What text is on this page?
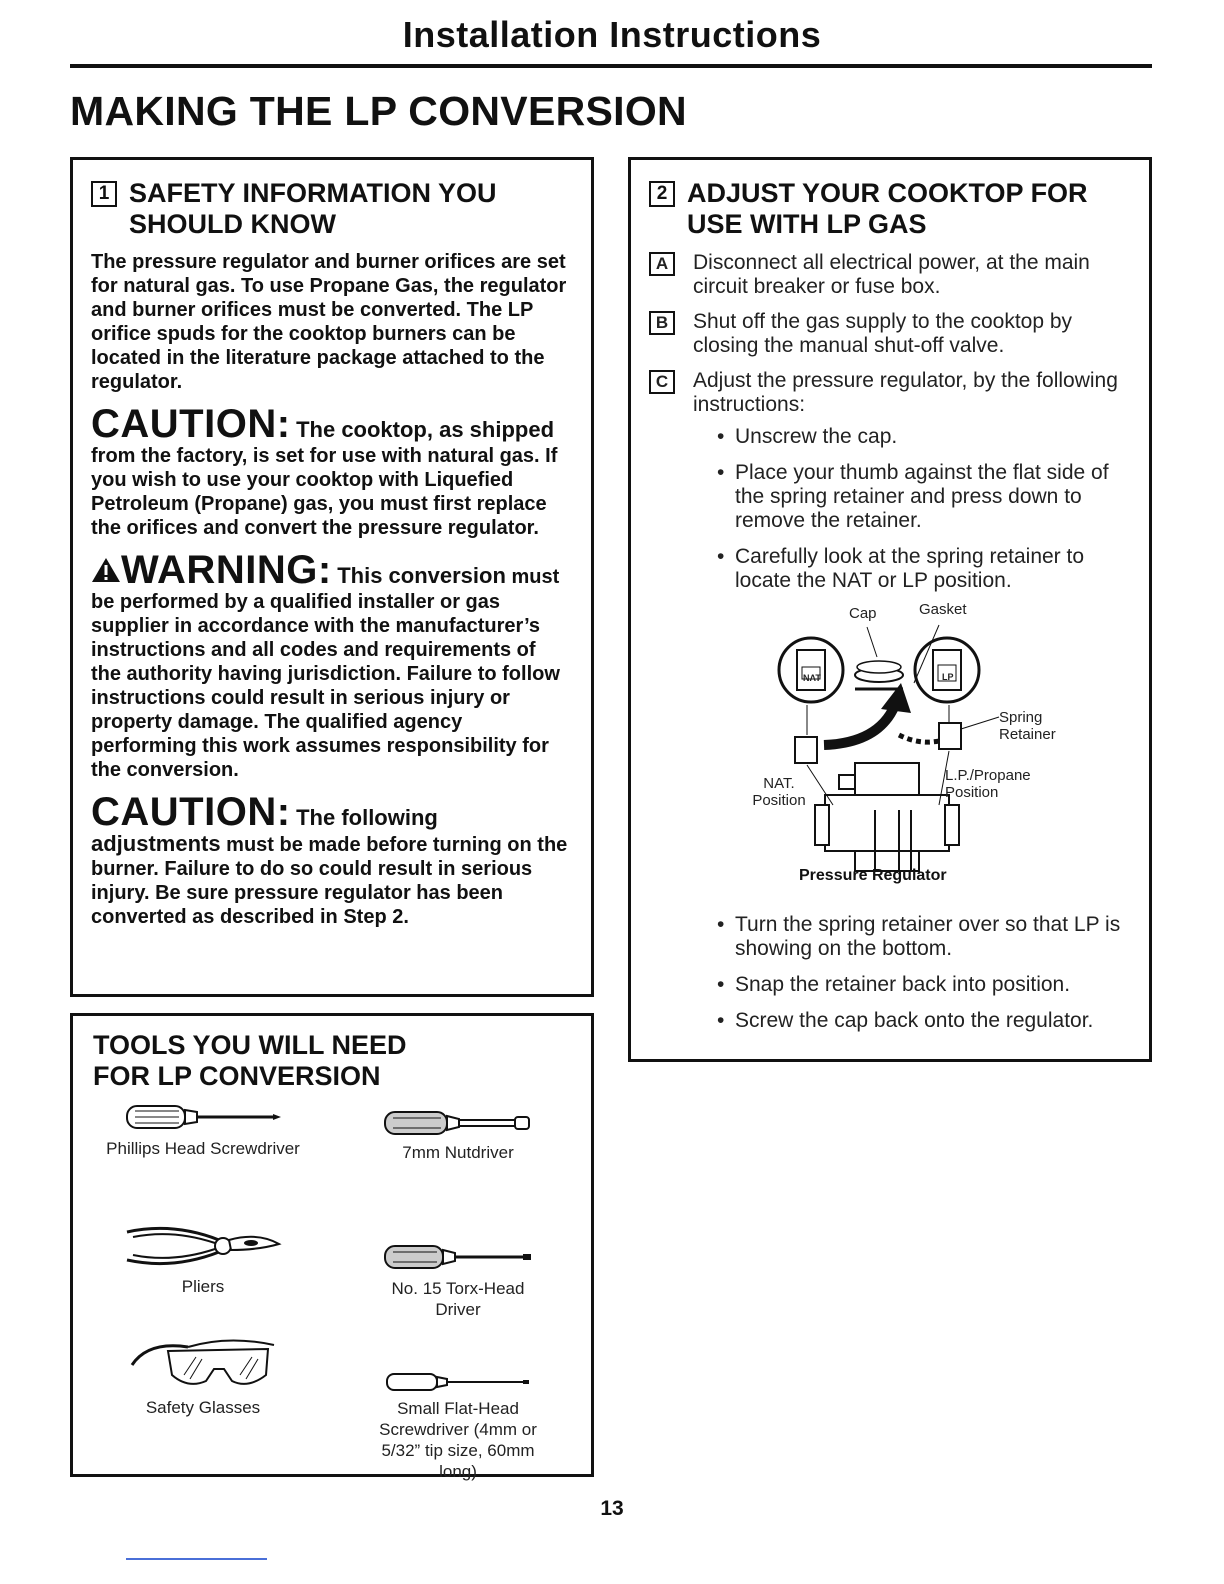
Installation Instructions
MAKING THE LP CONVERSION
1 SAFETY INFORMATION YOU SHOULD KNOW
The pressure regulator and burner orifices are set for natural gas. To use Propane Gas, the regulator and burner orifices must be converted. The LP orifice spuds for the cooktop burners can be located in the literature package attached to the regulator.
CAUTION: The cooktop, as shipped from the factory, is set for use with natural gas. If you wish to use your cooktop with Liquefied Petroleum (Propane) gas, you must first replace the orifices and convert the pressure regulator.
WARNING: This conversion must be performed by a qualified installer or gas supplier in accordance with the manufacturer’s instructions and all codes and requirements of the authority having jurisdiction. Failure to follow instructions could result in serious injury or property damage. The qualified agency performing this work assumes responsibility for the conversion.
CAUTION: The following adjustments must be made before turning on the burner. Failure to do so could result in serious injury. Be sure pressure regulator has been converted as described in Step 2.
TOOLS YOU WILL NEED
FOR LP CONVERSION
Phillips Head Screwdriver	7mm Nutdriver
Pliers	No. 15 Torx-Head Driver
Safety Glasses	Small Flat-Head Screwdriver (4mm or 5/32” tip size, 60mm long)
2 ADJUST YOUR COOKTOP FOR USE WITH LP GAS
A	Disconnect all electrical power, at the main circuit breaker or fuse box.
B	Shut off the gas supply to the cooktop by closing the manual shut-off valve.
C	Adjust the pressure regulator, by the following instructions:
• Unscrew the cap.
• Place your thumb against the flat side of the spring retainer and press down to remove the retainer.
• Carefully look at the spring retainer to locate the NAT or LP position.
NAT	LP
Cap	Gasket
Spring Retainer
NAT. Position
L.P./Propane Position
Pressure Regulator
• Turn the spring retainer over so that LP is showing on the bottom.
• Snap the retainer back into position.
• Screw the cap back onto the regulator.
13
